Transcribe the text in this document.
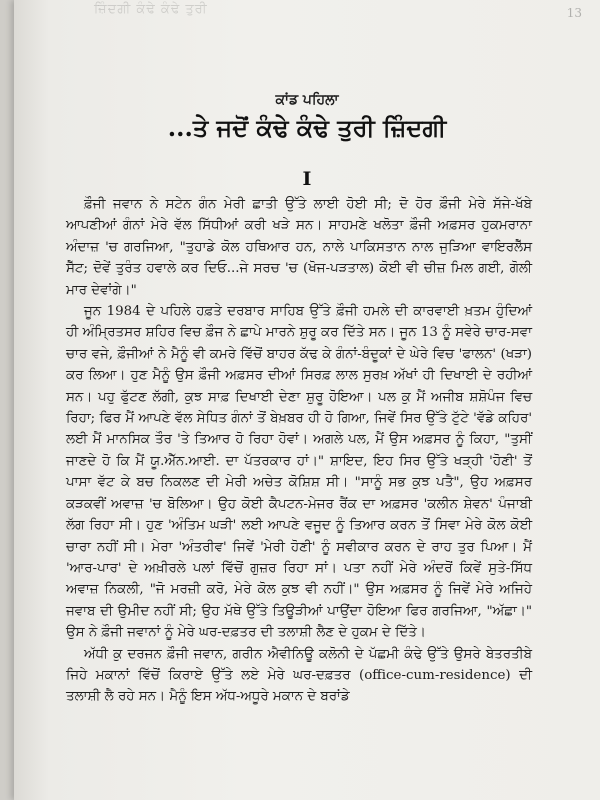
ਜ਼ਿੰਦਗੀ ਕੰਢੇ ਕੰਢੇ ਤੁਰੀ	13
ਕਾਂਡ ਪਹਿਲਾ
...ਤੇ ਜਦੋਂ ਕੰਢੇ ਕੰਢੇ ਤੁਰੀ ਜ਼ਿੰਦਗੀ
I

ਫ਼ੌਜੀ ਜਵਾਨ ਨੇ ਸਟੇਨ ਗੰਨ ਮੇਰੀ ਛਾਤੀ ਉੱਤੇ ਲਾਈ ਹੋਈ ਸੀ; ਦੋ ਹੋਰ ਫ਼ੌਜੀ ਮੇਰੇ ਸੱਜੇ-ਖੱਬੇ ਆਪਣੀਆਂ ਗੰਨਾਂ ਮੇਰੇ ਵੱਲ ਸਿੱਧੀਆਂ ਕਰੀ ਖੜੇ ਸਨ। ਸਾਹਮਣੇ ਖਲੋਤਾ ਫ਼ੌਜੀ ਅਫ਼ਸਰ ਹੁਕਮਰਾਨਾ ਅੰਦਾਜ਼ 'ਚ ਗਰਜਿਆ, "ਤੁਹਾਡੇ ਕੋਲ ਹਥਿਆਰ ਹਨ, ਨਾਲੇ ਪਾਕਿਸਤਾਨ ਨਾਲ ਜੁੜਿਆ ਵਾਇਰਲੈੱਸ ਸੈੱਟ; ਦੋਵੇਂ ਤੁਰੰਤ ਹਵਾਲੇ ਕਰ ਦਿਓ...ਜੇ ਸਰਚ 'ਚ (ਖੋਜ-ਪੜਤਾਲ) ਕੋਈ ਵੀ ਚੀਜ਼ ਮਿਲ ਗਈ, ਗੋਲੀ ਮਾਰ ਦੇਵਾਂਗੇ।"

ਜੂਨ 1984 ਦੇ ਪਹਿਲੇ ਹਫ਼ਤੇ ਦਰਬਾਰ ਸਾਹਿਬ ਉੱਤੇ ਫ਼ੌਜੀ ਹਮਲੇ ਦੀ ਕਾਰਵਾਈ ਖ਼ਤਮ ਹੁੰਦਿਆਂ ਹੀ ਅੰਮ੍ਰਿਤਸਰ ਸ਼ਹਿਰ ਵਿਚ ਫ਼ੌਜ ਨੇ ਛਾਪੇ ਮਾਰਨੇ ਸ਼ੁਰੂ ਕਰ ਦਿੱਤੇ ਸਨ। ਜੂਨ 13 ਨੂੰ ਸਵੇਰੇ ਚਾਰ-ਸਵਾ ਚਾਰ ਵਜੇ, ਫ਼ੌਜੀਆਂ ਨੇ ਮੈਨੂੰ ਵੀ ਕਮਰੇ ਵਿੱਚੋਂ ਬਾਹਰ ਕੱਢ ਕੇ ਗੰਨਾਂ-ਬੰਦੂਕਾਂ ਦੇ ਘੇਰੇ ਵਿਚ 'ਫਾਲਨ' (ਖੜਾ) ਕਰ ਲਿਆ। ਹੁਣ ਮੈਨੂੰ ਉਸ ਫ਼ੌਜੀ ਅਫ਼ਸਰ ਦੀਆਂ ਸਿਰਫ਼ ਲਾਲ ਸੁਰਖ਼ ਅੱਖਾਂ ਹੀ ਦਿਖਾਈ ਦੇ ਰਹੀਆਂ ਸਨ। ਪਹੁ ਫੁੱਟਣ ਲੱਗੀ, ਕੁਝ ਸਾਫ਼ ਦਿਖਾਈ ਦੇਣਾ ਸ਼ੁਰੂ ਹੋਇਆ। ਪਲ ਕੁ ਮੈਂ ਅਜੀਬ ਸ਼ਸ਼ੋਪੰਜ ਵਿਚ ਰਿਹਾ; ਫਿਰ ਮੈਂ ਆਪਣੇ ਵੱਲ ਸੇਧਿਤ ਗੰਨਾਂ ਤੋਂ ਬੇਖ਼ਬਰ ਹੀ ਹੋ ਗਿਆ, ਜਿਵੇਂ ਸਿਰ ਉੱਤੇ ਟੁੱਟੇ 'ਵੱਡੇ ਕਹਿਰ' ਲਈ ਮੈਂ ਮਾਨਸਿਕ ਤੌਰ 'ਤੇ ਤਿਆਰ ਹੋ ਰਿਹਾ ਹੋਵਾਂ। ਅਗਲੇ ਪਲ, ਮੈਂ ਉਸ ਅਫ਼ਸਰ ਨੂੰ ਕਿਹਾ, "ਤੁਸੀਂ ਜਾਣਦੇ ਹੋ ਕਿ ਮੈਂ ਯੂ.ਐੱਨ.ਆਈ. ਦਾ ਪੱਤਰਕਾਰ ਹਾਂ।" ਸ਼ਾਇਦ, ਇਹ ਸਿਰ ਉੱਤੇ ਖੜ੍ਹੀ 'ਹੋਣੀ' ਤੋਂ ਪਾਸਾ ਵੱਟ ਕੇ ਬਚ ਨਿਕਲਣ ਦੀ ਮੇਰੀ ਅਚੇਤ ਕੋਸ਼ਿਸ਼ ਸੀ। "ਸਾਨੂੰ ਸਭ ਕੁਝ ਪਤੈ", ਉਹ ਅਫ਼ਸਰ ਕੜਕਵੀਂ ਅਵਾਜ਼ 'ਚ ਬੋਲਿਆ। ਉਹ ਕੋਈ ਕੈਪਟਨ-ਮੇਜਰ ਰੈਂਕ ਦਾ ਅਫ਼ਸਰ 'ਕਲੀਨ ਸ਼ੇਵਨ' ਪੰਜਾਬੀ ਲੱਗ ਰਿਹਾ ਸੀ। ਹੁਣ 'ਅੰਤਿਮ ਘੜੀ' ਲਈ ਆਪਣੇ ਵਜੂਦ ਨੂੰ ਤਿਆਰ ਕਰਨ ਤੋਂ ਸਿਵਾ ਮੇਰੇ ਕੋਲ ਕੋਈ ਚਾਰਾ ਨਹੀਂ ਸੀ। ਮੇਰਾ 'ਅੰਤਰੀਵ' ਜਿਵੇਂ 'ਮੇਰੀ ਹੋਣੀ' ਨੂੰ ਸਵੀਕਾਰ ਕਰਨ ਦੇ ਰਾਹ ਤੁਰ ਪਿਆ। ਮੈਂ 'ਆਰ-ਪਾਰ' ਦੇ ਅਖ਼ੀਰਲੇ ਪਲਾਂ ਵਿੱਚੋਂ ਗੁਜ਼ਰ ਰਿਹਾ ਸਾਂ। ਪਤਾ ਨਹੀਂ ਮੇਰੇ ਅੰਦਰੋਂ ਕਿਵੇਂ ਸੁਤੇ-ਸਿੱਧ ਅਵਾਜ਼ ਨਿਕਲੀ, "ਜੋ ਮਰਜ਼ੀ ਕਰੋ, ਮੇਰੇ ਕੋਲ ਕੁਝ ਵੀ ਨਹੀਂ।" ਉਸ ਅਫ਼ਸਰ ਨੂੰ ਜਿਵੇਂ ਮੇਰੇ ਅਜਿਹੇ ਜਵਾਬ ਦੀ ਉਮੀਦ ਨਹੀਂ ਸੀ; ਉਹ ਮੱਥੇ ਉੱਤੇ ਤਿਊੜੀਆਂ ਪਾਉਂਦਾ ਹੋਇਆ ਫਿਰ ਗਰਜਿਆ, "ਅੱਛਾ।" ਉਸ ਨੇ ਫ਼ੌਜੀ ਜਵਾਨਾਂ ਨੂੰ ਮੇਰੇ ਘਰ-ਦਫ਼ਤਰ ਦੀ ਤਲਾਸ਼ੀ ਲੈਣ ਦੇ ਹੁਕਮ ਦੇ ਦਿੱਤੇ।

ਅੱਧੀ ਕੁ ਦਰਜਨ ਫ਼ੌਜੀ ਜਵਾਨ, ਗਰੀਨ ਐਵੀਨਿਊ ਕਲੋਨੀ ਦੇ ਪੱਛਮੀ ਕੰਢੇ ਉੱਤੇ ਉਸਰੇ ਬੇਤਰਤੀਬੇ ਜਿਹੇ ਮਕਾਨਾਂ ਵਿੱਚੋਂ ਕਿਰਾਏ ਉੱਤੇ ਲਏ ਮੇਰੇ ਘਰ-ਦਫ਼ਤਰ (office-cum-residence) ਦੀ ਤਲਾਸ਼ੀ ਲੈ ਰਹੇ ਸਨ। ਮੈਨੂੰ ਇਸ ਅੱਧ-ਅਧੂਰੇ ਮਕਾਨ ਦੇ ਬਰਾਂਡੇ
